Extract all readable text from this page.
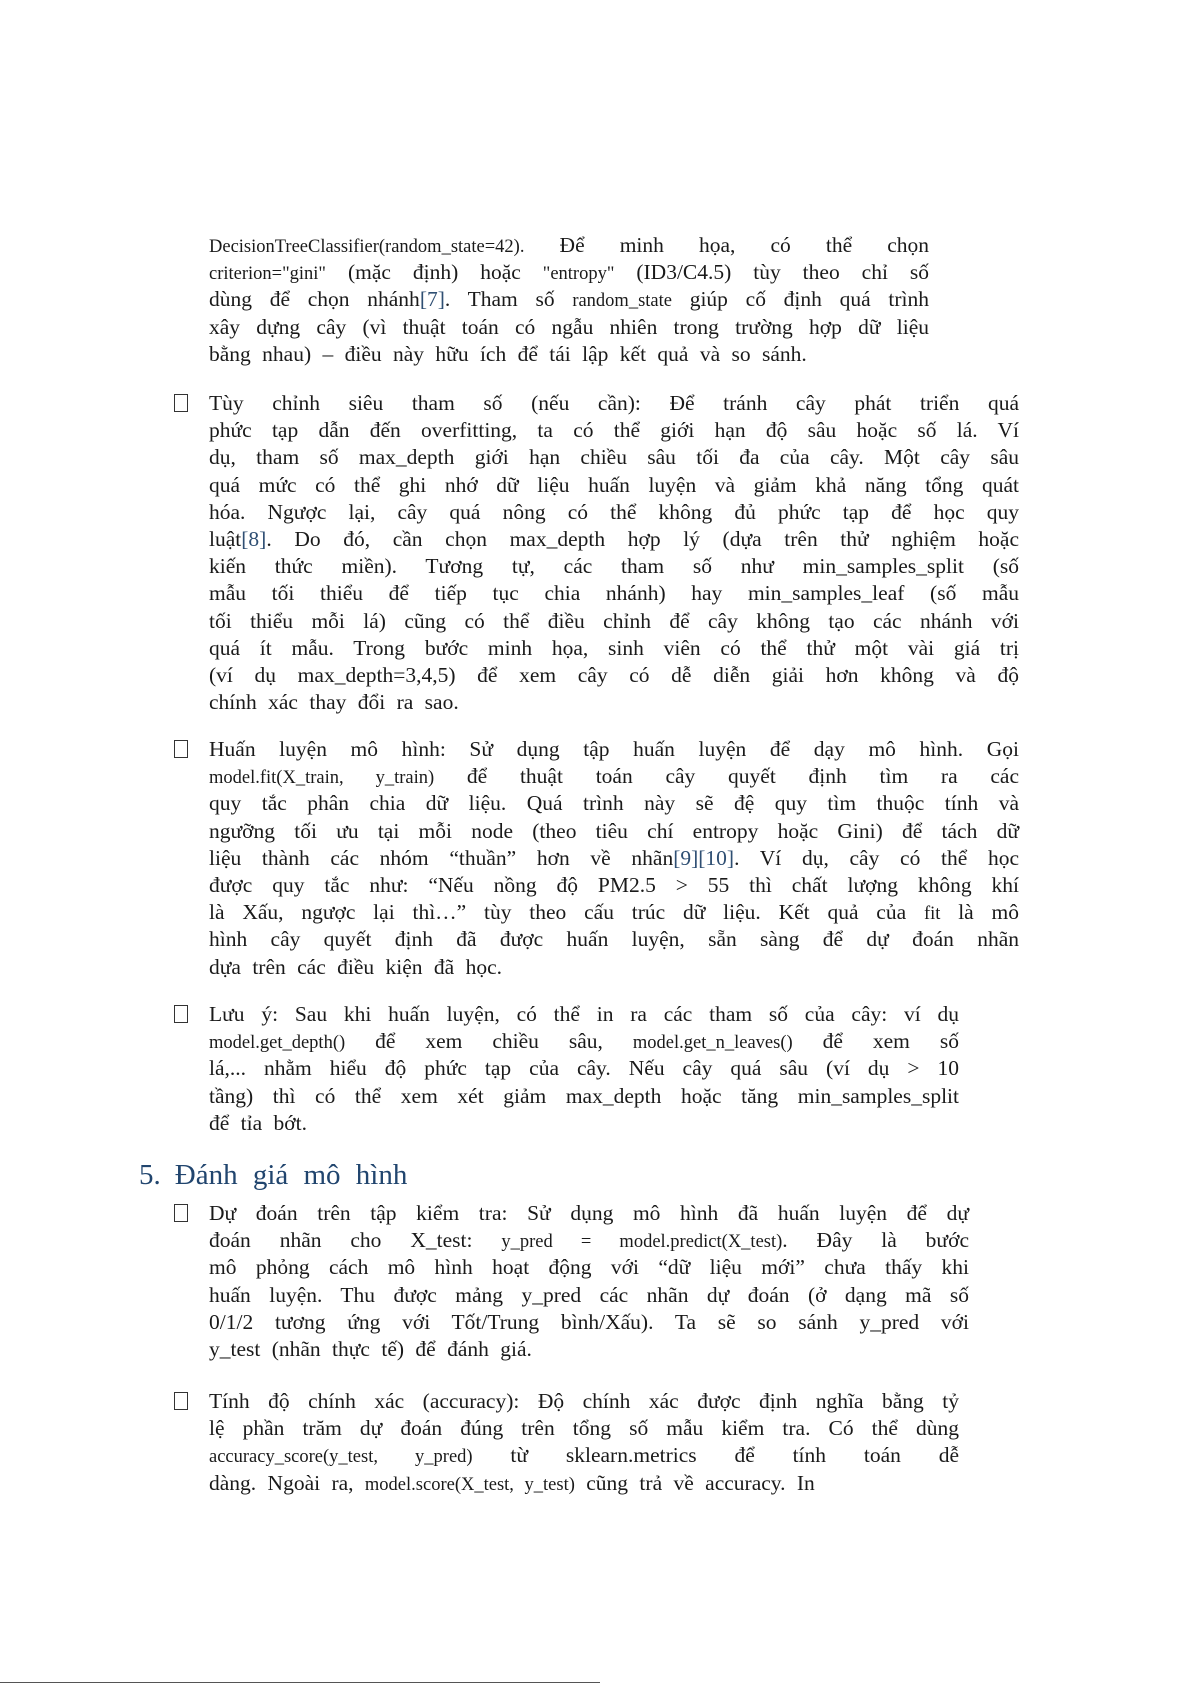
DecisionTreeClassifier(random_state=42). Để minh họa, có thể chọn
criterion="gini" (mặc định) hoặc "entropy" (ID3/C4.5) tùy theo chỉ số
dùng để chọn nhánh[7]. Tham số random_state giúp cố định quá trình
xây dựng cây (vì thuật toán có ngẫu nhiên trong trường hợp dữ liệu
bằng nhau) – điều này hữu ích để tái lập kết quả và so sánh.
Tùy chỉnh siêu tham số (nếu cần): Để tránh cây phát triển quá
phức tạp dẫn đến overfitting, ta có thể giới hạn độ sâu hoặc số lá. Ví
dụ, tham số max_depth giới hạn chiều sâu tối đa của cây. Một cây sâu
quá mức có thể ghi nhớ dữ liệu huấn luyện và giảm khả năng tổng quát
hóa. Ngược lại, cây quá nông có thể không đủ phức tạp để học quy
luật[8]. Do đó, cần chọn max_depth hợp lý (dựa trên thử nghiệm hoặc
kiến thức miền). Tương tự, các tham số như min_samples_split (số
mẫu tối thiểu để tiếp tục chia nhánh) hay min_samples_leaf (số mẫu
tối thiểu mỗi lá) cũng có thể điều chỉnh để cây không tạo các nhánh với
quá ít mẫu. Trong bước minh họa, sinh viên có thể thử một vài giá trị
(ví dụ max_depth=3,4,5) để xem cây có dễ diễn giải hơn không và độ
chính xác thay đổi ra sao.
Huấn luyện mô hình: Sử dụng tập huấn luyện để dạy mô hình. Gọi
model.fit(X_train, y_train) để thuật toán cây quyết định tìm ra các
quy tắc phân chia dữ liệu. Quá trình này sẽ đệ quy tìm thuộc tính và
ngưỡng tối ưu tại mỗi node (theo tiêu chí entropy hoặc Gini) để tách dữ
liệu thành các nhóm “thuần” hơn về nhãn[9][10]. Ví dụ, cây có thể học
được quy tắc như: “Nếu nồng độ PM2.5 > 55 thì chất lượng không khí
là Xấu, ngược lại thì…” tùy theo cấu trúc dữ liệu. Kết quả của fit là mô
hình cây quyết định đã được huấn luyện, sẵn sàng để dự đoán nhãn
dựa trên các điều kiện đã học.
Lưu ý: Sau khi huấn luyện, có thể in ra các tham số của cây: ví dụ
model.get_depth() để xem chiều sâu, model.get_n_leaves() để xem số
lá,... nhằm hiểu độ phức tạp của cây. Nếu cây quá sâu (ví dụ > 10
tầng) thì có thể xem xét giảm max_depth hoặc tăng min_samples_split
để tỉa bớt.
5. Đánh giá mô hình
Dự đoán trên tập kiểm tra: Sử dụng mô hình đã huấn luyện để dự
đoán nhãn cho X_test: y_pred = model.predict(X_test). Đây là bước
mô phỏng cách mô hình hoạt động với “dữ liệu mới” chưa thấy khi
huấn luyện. Thu được mảng y_pred các nhãn dự đoán (ở dạng mã số
0/1/2 tương ứng với Tốt/Trung bình/Xấu). Ta sẽ so sánh y_pred với
y_test (nhãn thực tế) để đánh giá.
Tính độ chính xác (accuracy): Độ chính xác được định nghĩa bằng tỷ
lệ phần trăm dự đoán đúng trên tổng số mẫu kiểm tra. Có thể dùng
accuracy_score(y_test, y_pred) từ sklearn.metrics để tính toán dễ
dàng. Ngoài ra, model.score(X_test, y_test) cũng trả về accuracy. In
